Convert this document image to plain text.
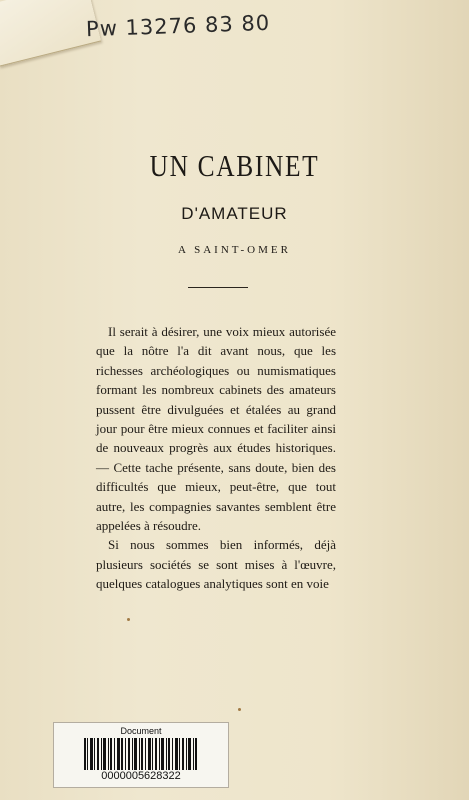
Pw 13276 83 80
UN CABINET
D'AMATEUR
A SAINT-OMER

Il serait à désirer, une voix mieux autorisée que la nôtre l'a dit avant nous, que les richesses archéologiques ou numismatiques formant les nombreux cabinets des amateurs pussent être divulguées et étalées au grand jour pour être mieux connues et faciliter ainsi de nouveaux progrès aux études historiques. — Cette tache présente, sans doute, bien des difficultés que mieux, peut-être, que tout autre, les compagnies savantes semblent être appelées à résoudre.

Si nous sommes bien informés, déjà plusieurs sociétés se sont mises à l'œuvre, quelques catalogues analytiques sont en voie

Document
0000005628322
